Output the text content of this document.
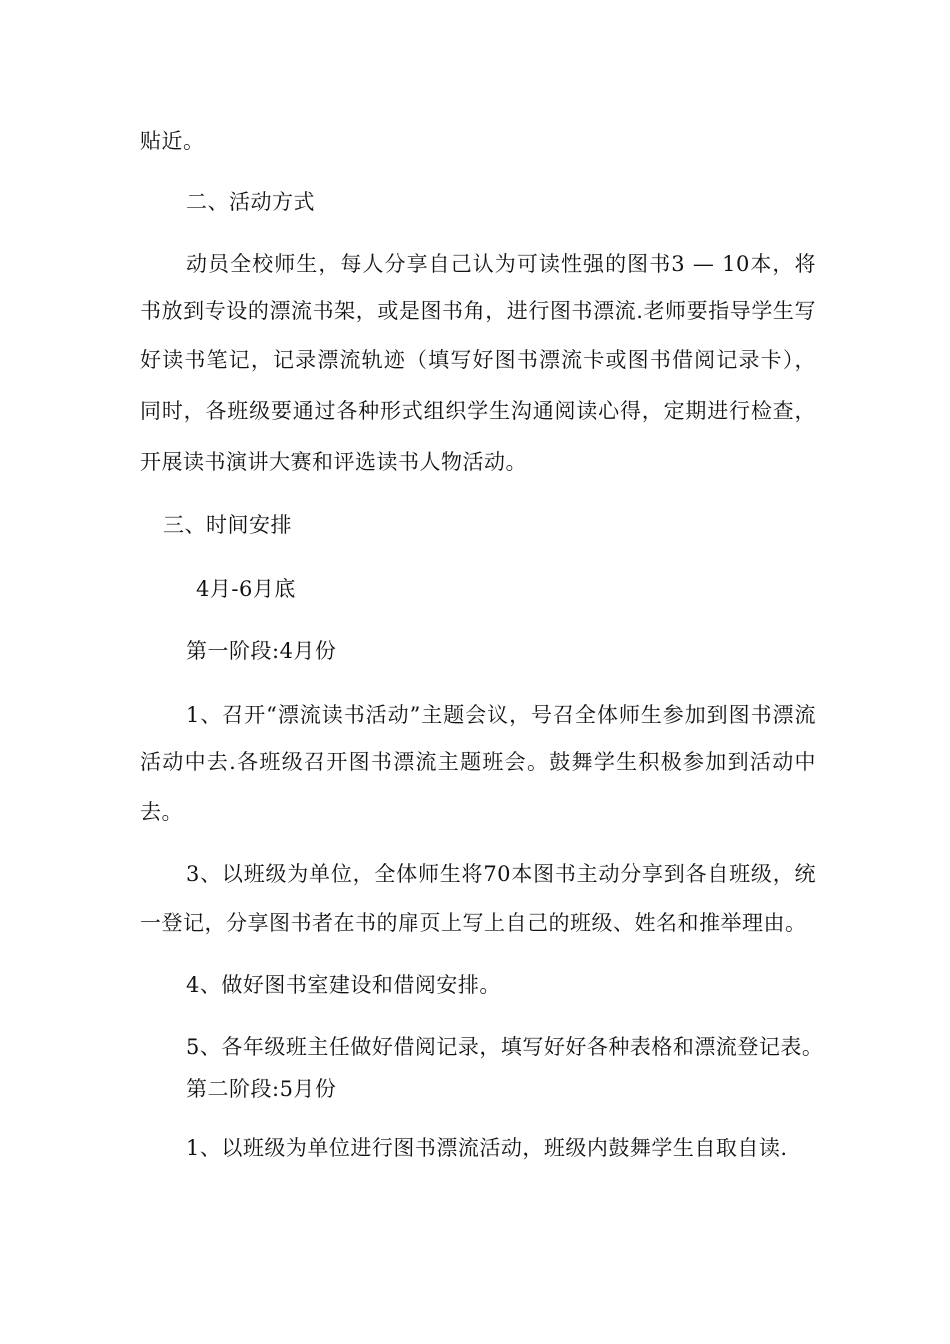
贴近。
二、活动方式
动员全校师生，每人分享自己认为可读性强的图书3 — 10本，将
书放到专设的漂流书架，或是图书角，进行图书漂流.老师要指导学生写
好读书笔记，记录漂流轨迹（填写好图书漂流卡或图书借阅记录卡），
同时，各班级要通过各种形式组织学生沟通阅读心得，定期进行检查，
开展读书演讲大赛和评选读书人物活动。
三、时间安排
4月-6月底
第一阶段:4月份
1、召开“漂流读书活动”主题会议，号召全体师生参加到图书漂流
活动中去.各班级召开图书漂流主题班会。鼓舞学生积极参加到活动中
去。
3、以班级为单位，全体师生将70本图书主动分享到各自班级，统
一登记，分享图书者在书的扉页上写上自己的班级、姓名和推举理由。
4、做好图书室建设和借阅安排。
5、各年级班主任做好借阅记录，填写好好各种表格和漂流登记表。
第二阶段:5月份
1、以班级为单位进行图书漂流活动，班级内鼓舞学生自取自读.
